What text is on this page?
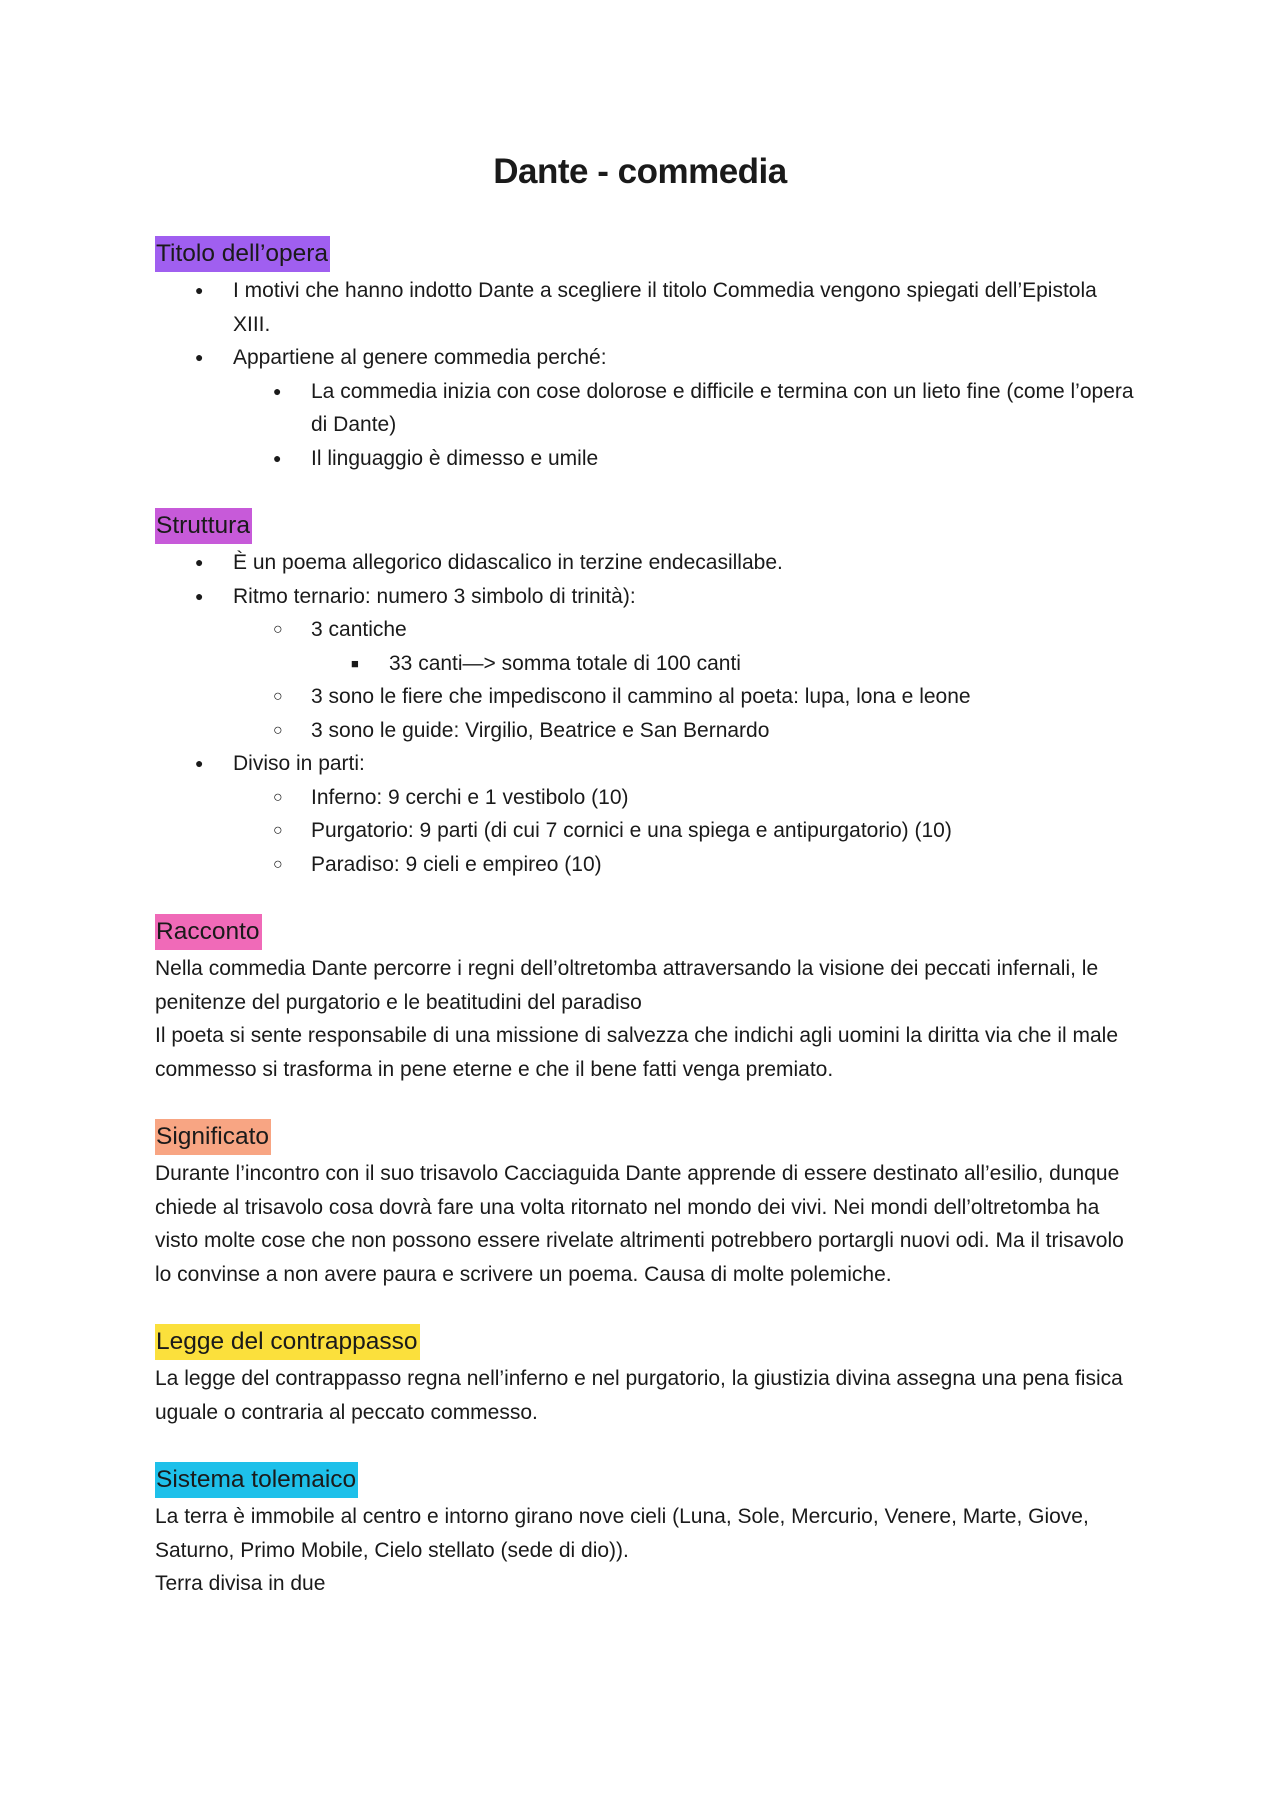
Dante - commedia
Titolo dell’opera
●
I motivi che hanno indotto Dante a scegliere il titolo Commedia vengono spiegati dell’Epistola XIII.
●
Appartiene al genere commedia perché:
●
La commedia inizia con cose dolorose e difficile e termina con un lieto fine (come l’opera di Dante)
●
Il linguaggio è dimesso e umile
Struttura
●
È un poema allegorico didascalico in terzine endecasillabe.
●
Ritmo ternario: numero 3 simbolo di trinità):
○
3 cantiche
■
33 canti—> somma totale di 100 canti
○
3 sono le fiere che impediscono il cammino al poeta: lupa, lona e leone
○
3 sono le guide: Virgilio, Beatrice e San Bernardo
●
Diviso in parti:
○
Inferno: 9 cerchi e 1 vestibolo (10)
○
Purgatorio: 9 parti (di cui 7 cornici e una spiega e antipurgatorio) (10)
○
Paradiso: 9 cieli e empireo (10)
Racconto

Nella commedia Dante percorre i regni dell’oltretomba attraversando la visione dei peccati infernali, le penitenze del purgatorio e le beatitudini del paradiso

Il poeta si sente responsabile di una missione di salvezza che indichi agli uomini la diritta via che il male commesso si trasforma in pene eterne e che il bene fatti venga premiato.

Significato

Durante l’incontro con il suo trisavolo Cacciaguida Dante apprende di essere destinato all’esilio, dunque chiede al trisavolo cosa dovrà fare una volta ritornato nel mondo dei vivi. Nei mondi dell’oltretomba ha visto molte cose che non possono essere rivelate altrimenti potrebbero portargli nuovi odi. Ma il trisavolo lo convinse a non avere paura e scrivere un poema. Causa di molte polemiche.

Legge del contrappasso

La legge del contrappasso regna nell’inferno e nel purgatorio, la giustizia divina assegna una pena fisica uguale o contraria al peccato commesso.

Sistema tolemaico

La terra è immobile al centro e intorno girano nove cieli (Luna, Sole, Mercurio, Venere, Marte, Giove, Saturno, Primo Mobile, Cielo stellato (sede di dio)).

Terra divisa in due
